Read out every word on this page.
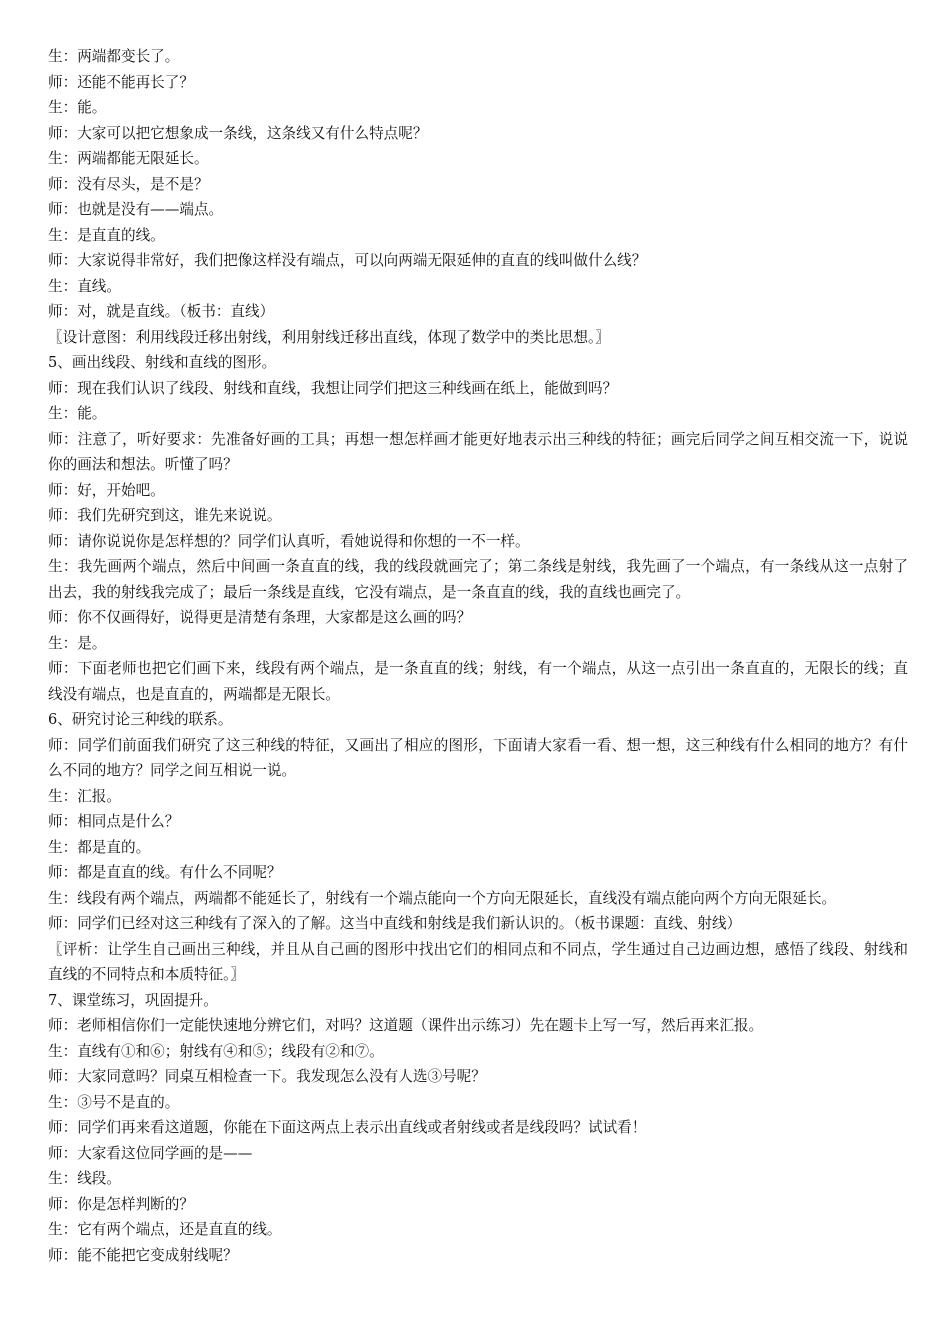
生：两端都变长了。
师：还能不能再长了？
生：能。
师：大家可以把它想象成一条线，这条线又有什么特点呢？
生：两端都能无限延长。
师：没有尽头，是不是？
师：也就是没有——端点。
生：是直直的线。
师：大家说得非常好，我们把像这样没有端点，可以向两端无限延伸的直直的线叫做什么线？
生：直线。
师：对，就是直线。（板书：直线）
〖设计意图：利用线段迁移出射线，利用射线迁移出直线，体现了数学中的类比思想。〗
5、画出线段、射线和直线的图形。
师：现在我们认识了线段、射线和直线，我想让同学们把这三种线画在纸上，能做到吗？
生：能。
师：注意了，听好要求：先准备好画的工具；再想一想怎样画才能更好地表示出三种线的特征；画完后同学之间互相交流一下，说说你的画法和想法。听懂了吗？
师：好，开始吧。
师：我们先研究到这，谁先来说说。
师：请你说说你是怎样想的？同学们认真听，看她说得和你想的一不一样。
生：我先画两个端点，然后中间画一条直直的线，我的线段就画完了；第二条线是射线，我先画了一个端点，有一条线从这一点射了出去，我的射线我完成了；最后一条线是直线，它没有端点，是一条直直的线，我的直线也画完了。
师：你不仅画得好，说得更是清楚有条理，大家都是这么画的吗？
生：是。
师：下面老师也把它们画下来，线段有两个端点，是一条直直的线；射线，有一个端点，从这一点引出一条直直的，无限长的线；直线没有端点，也是直直的，两端都是无限长。
6、研究讨论三种线的联系。
师：同学们前面我们研究了这三种线的特征，又画出了相应的图形，下面请大家看一看、想一想，这三种线有什么相同的地方？有什么不同的地方？同学之间互相说一说。
生：汇报。
师：相同点是什么？
生：都是直的。
师：都是直直的线。有什么不同呢？
生：线段有两个端点，两端都不能延长了，射线有一个端点能向一个方向无限延长，直线没有端点能向两个方向无限延长。
师：同学们已经对这三种线有了深入的了解。这当中直线和射线是我们新认识的。（板书课题：直线、射线）
〖评析：让学生自己画出三种线，并且从自己画的图形中找出它们的相同点和不同点，学生通过自己边画边想，感悟了线段、射线和直线的不同特点和本质特征。〗
7、课堂练习，巩固提升。
师：老师相信你们一定能快速地分辨它们，对吗？这道题（课件出示练习）先在题卡上写一写，然后再来汇报。
生：直线有①和⑥；射线有④和⑤；线段有②和⑦。
师：大家同意吗？同桌互相检查一下。我发现怎么没有人选③号呢？
生：③号不是直的。
师：同学们再来看这道题，你能在下面这两点上表示出直线或者射线或者是线段吗？试试看！
师：大家看这位同学画的是——
生：线段。
师：你是怎样判断的？
生：它有两个端点，还是直直的线。
师：能不能把它变成射线呢？
